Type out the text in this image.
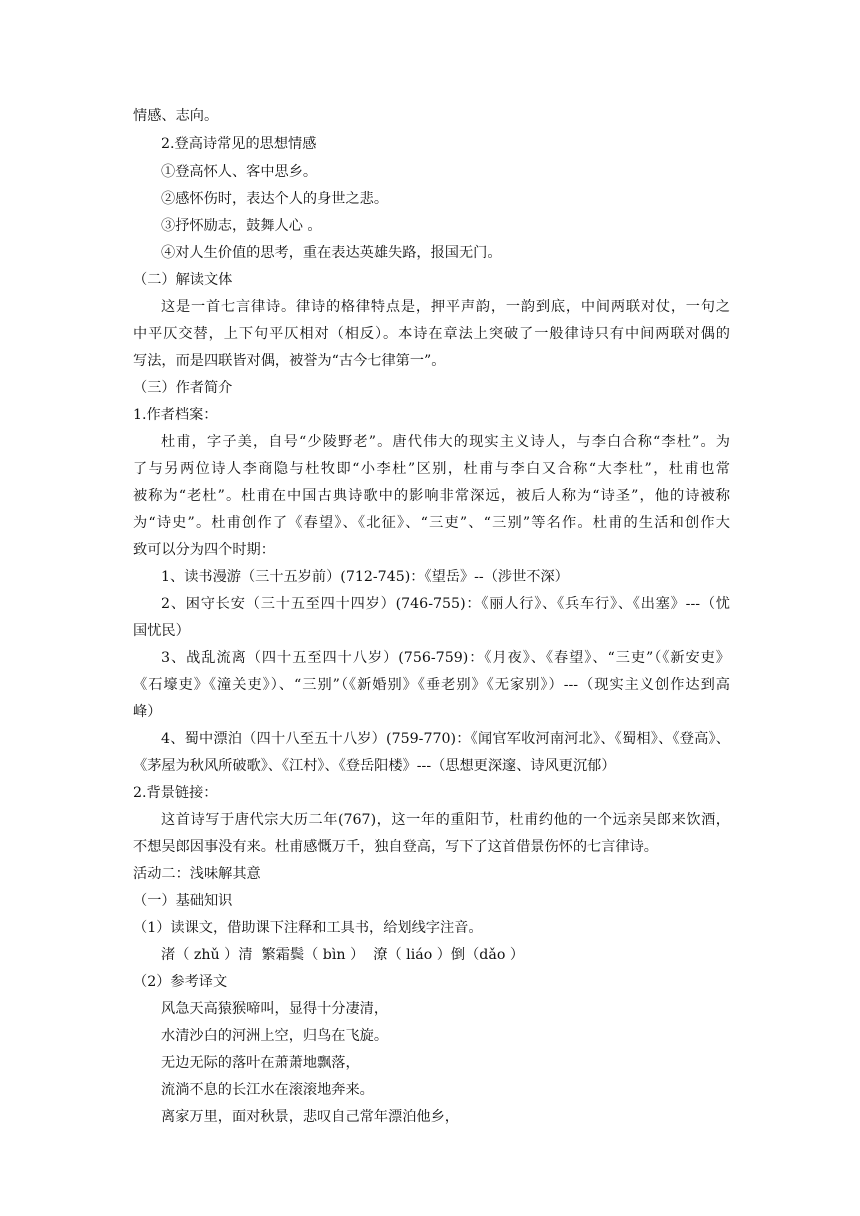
情感、志向。
2.登高诗常见的思想情感
①登高怀人、客中思乡。
②感怀伤时，表达个人的身世之悲。
③抒怀励志，鼓舞人心 。
④对人生价值的思考，重在表达英雄失路，报国无门。
（二）解读文体
这是一首七言律诗。律诗的格律特点是，押平声韵，一韵到底，中间两联对仗，一句之
中平仄交替，上下句平仄相对（相反）。本诗在章法上突破了一般律诗只有中间两联对偶的
写法，而是四联皆对偶，被誉为“古今七律第一”。
（三）作者简介
1.作者档案：
杜甫，字子美，自号“少陵野老”。唐代伟大的现实主义诗人，与李白合称“李杜”。为
了与另两位诗人李商隐与杜牧即“小李杜”区别，杜甫与李白又合称“大李杜”，杜甫也常
被称为“老杜”。杜甫在中国古典诗歌中的影响非常深远，被后人称为“诗圣”，他的诗被称
为“诗史”。杜甫创作了《春望》、《北征》、“三吏”、“三别”等名作。杜甫的生活和创作大
致可以分为四个时期：
1、读书漫游（三十五岁前）(712-745)：《望岳》--（涉世不深）
2、困守长安（三十五至四十四岁）(746-755)：《丽人行》、《兵车行》、《出塞》---（忧
国忧民）
3、战乱流离（四十五至四十八岁）(756-759)：《月夜》、《春望》、“三吏”（《新安吏》
《石壕吏》《潼关吏》）、“三别”（《新婚别》《垂老别》《无家别》）---（现实主义创作达到高
峰）
4、蜀中漂泊（四十八至五十八岁）(759-770)：《闻官军收河南河北》、《蜀相》、《登高》、
《茅屋为秋风所破歌》、《江村》、《登岳阳楼》---（思想更深邃、诗风更沉郁）
2.背景链接：
这首诗写于唐代宗大历二年(767)，这一年的重阳节，杜甫约他的一个远亲吴郎来饮酒，
不想吴郎因事没有来。杜甫感慨万千，独自登高，写下了这首借景伤怀的七言律诗。
活动二：浅味解其意
（一）基础知识
（1）读课文，借助课下注释和工具书，给划线字注音。
渚（ zhǔ ）清  繁霜鬓（ bìn ）  潦（ liáo ）倒（dǎo ）
（2）参考译文
风急天高猿猴啼叫，显得十分凄清，
水清沙白的河洲上空，归鸟在飞旋。
无边无际的落叶在萧萧地飘落，
流淌不息的长江水在滚滚地奔来。
离家万里，面对秋景，悲叹自己常年漂泊他乡，
